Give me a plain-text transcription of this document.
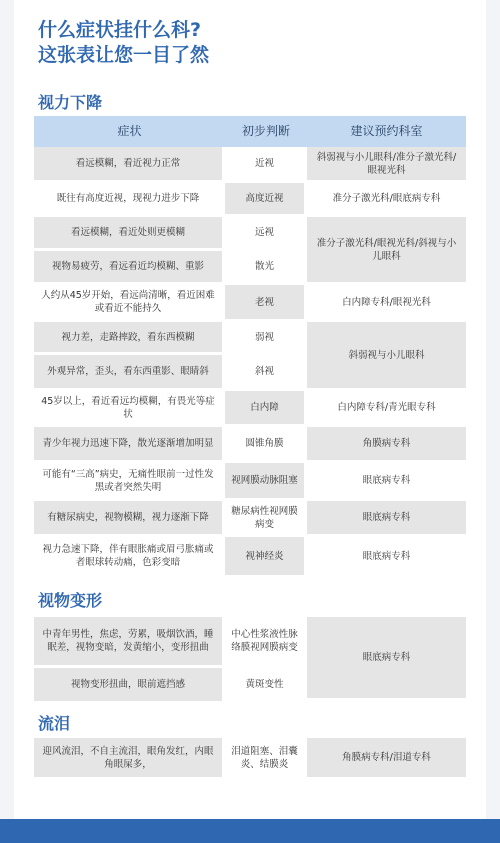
什么症状挂什么科?
这张表让您一目了然
视力下降
症状	初步判断	建议预约科室
看远模糊，看近视力正常	近视	斜弱视与小儿眼科/准分子激光科/眼视光科
既往有高度近视，现视力进步下降	高度近视	准分子激光科/眼底病专科
看远模糊，看近处则更模糊	远视	准分子激光科/眼视光科/斜视与小儿眼科
视物易疲劳，看远看近均模糊、重影	散光	
人约从45岁开始，看远尚清晰，看近困难或看近不能持久	老视	白内障专科/眼视光科
视力差，走路摔跤，看东西模糊	弱视	斜弱视与小儿眼科
外观异常，歪头，看东西重影、眼睛斜	斜视	
45岁以上，看近看远均模糊，有畏光等症状	白内障	白内障专科/青光眼专科
青少年视力迅速下降，散光逐渐增加明显	圆锥角膜	角膜病专科
可能有“三高”病史，无痛性眼前一过性发黑或者突然失明	视网膜动脉阻塞	眼底病专科
有糖尿病史，视物模糊，视力逐渐下降	糖尿病性视网膜病变	眼底病专科
视力急速下降，伴有眼胀痛或眉弓胀痛或者眼球转动痛，色彩变暗	视神经炎	眼底病专科
视物变形
中青年男性，焦虑，劳累，吸烟饮酒，睡眠差，视物变暗，发黄缩小，变形扭曲	中心性浆液性脉络膜视网膜病变	眼底病专科
视物变形扭曲，眼前遮挡感	黄斑变性	
流泪
迎风流泪，不自主流泪，眼角发红，内眼角眼屎多，	泪道阻塞、泪囊炎、结膜炎	角膜病专科/泪道专科
